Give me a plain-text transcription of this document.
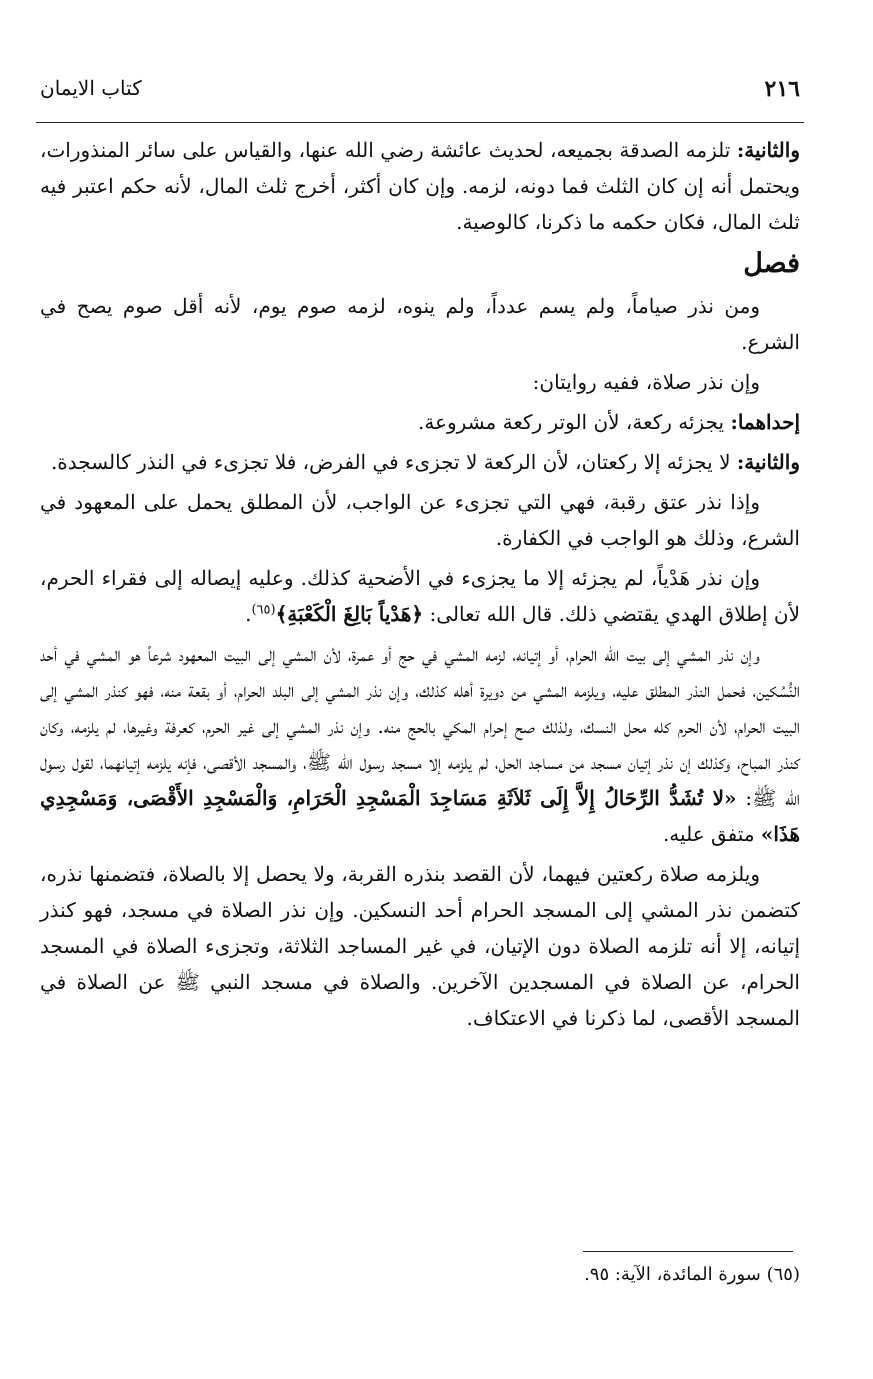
٢١٦
كتاب الايمان

والثانية: تلزمه الصدقة بجميعه، لحديث عائشة رضي الله عنها، والقياس على سائر المنذورات، ويحتمل أنه إن كان الثلث فما دونه، لزمه. وإن كان أكثر، أخرج ثلث المال، لأنه حكم اعتبر فيه ثلث المال، فكان حكمه ما ذكرنا، كالوصية.

فصل

ومن نذر صياماً، ولم يسم عدداً، ولم ينوه، لزمه صوم يوم، لأنه أقل صوم يصح في الشرع.

وإن نذر صلاة، ففيه روايتان:

إحداهما: يجزئه ركعة، لأن الوتر ركعة مشروعة.

والثانية: لا يجزئه إلا ركعتان، لأن الركعة لا تجزىء في الفرض، فلا تجزىء في النذر كالسجدة.

وإذا نذر عتق رقبة، فهي التي تجزىء عن الواجب، لأن المطلق يحمل على المعهود في الشرع، وذلك هو الواجب في الكفارة.

وإن نذر هَدْياً، لم يجزئه إلا ما يجزىء في الأضحية كذلك. وعليه إيصاله إلى فقراء الحرم، لأن إطلاق الهدي يقتضي ذلك. قال الله تعالى: ﴿هَدْياً بَالِغَ الْكَعْبَةِ﴾$^{(٦٥)}$.

وإن نذر المشي إلى بيت الله الحرام، أو إتيانه، لزمه المشي في حج أو عمرة، لأن المشي إلى البيت المعهود شرعاً هو المشي في أحد النُّسُكين، فحمل النذر المطلق عليه، ويلزمه المشي من دويرة أهله كذلك، وإن نذر المشي إلى البلد الحرام، أو بقعة منه، فهو كنذر المشي إلى البيت الحرام، لأن الحرم كله محل النسك، ولذلك صح إحرام المكي بالحج منه. وإن نذر المشي إلى غير الحرم، كعرفة وغيرها، لم يلزمه، وكان كنذر المباح، وكذلك إن نذر إتيان مسجد من مساجد الحل، لم يلزمه إلا مسجد رسول الله ﷺ، والمسجد الأقصى، فإنه يلزمه إتيانهما، لقول رسول الله ﷺ: «لا تُشَدُّ الرِّحَالُ إِلاَّ إِلَى ثَلاَثَةِ مَسَاجِدَ الْمَسْجِدِ الْحَرَامِ، وَالْمَسْجِدِ الأَقْصَى، وَمَسْجِدِي هَذَا» متفق عليه.

ويلزمه صلاة ركعتين فيهما، لأن القصد بنذره القربة، ولا يحصل إلا بالصلاة، فتضمنها نذره، كتضمن نذر المشي إلى المسجد الحرام أحد النسكين. وإن نذر الصلاة في مسجد، فهو كنذر إتيانه، إلا أنه تلزمه الصلاة دون الإتيان، في غير المساجد الثلاثة، وتجزىء الصلاة في المسجد الحرام، عن الصلاة في المسجدين الآخرين. والصلاة في مسجد النبي ﷺ عن الصلاة في المسجد الأقصى، لما ذكرنا في الاعتكاف.

(٦٥) سورة المائدة، الآية: ٩٥.
